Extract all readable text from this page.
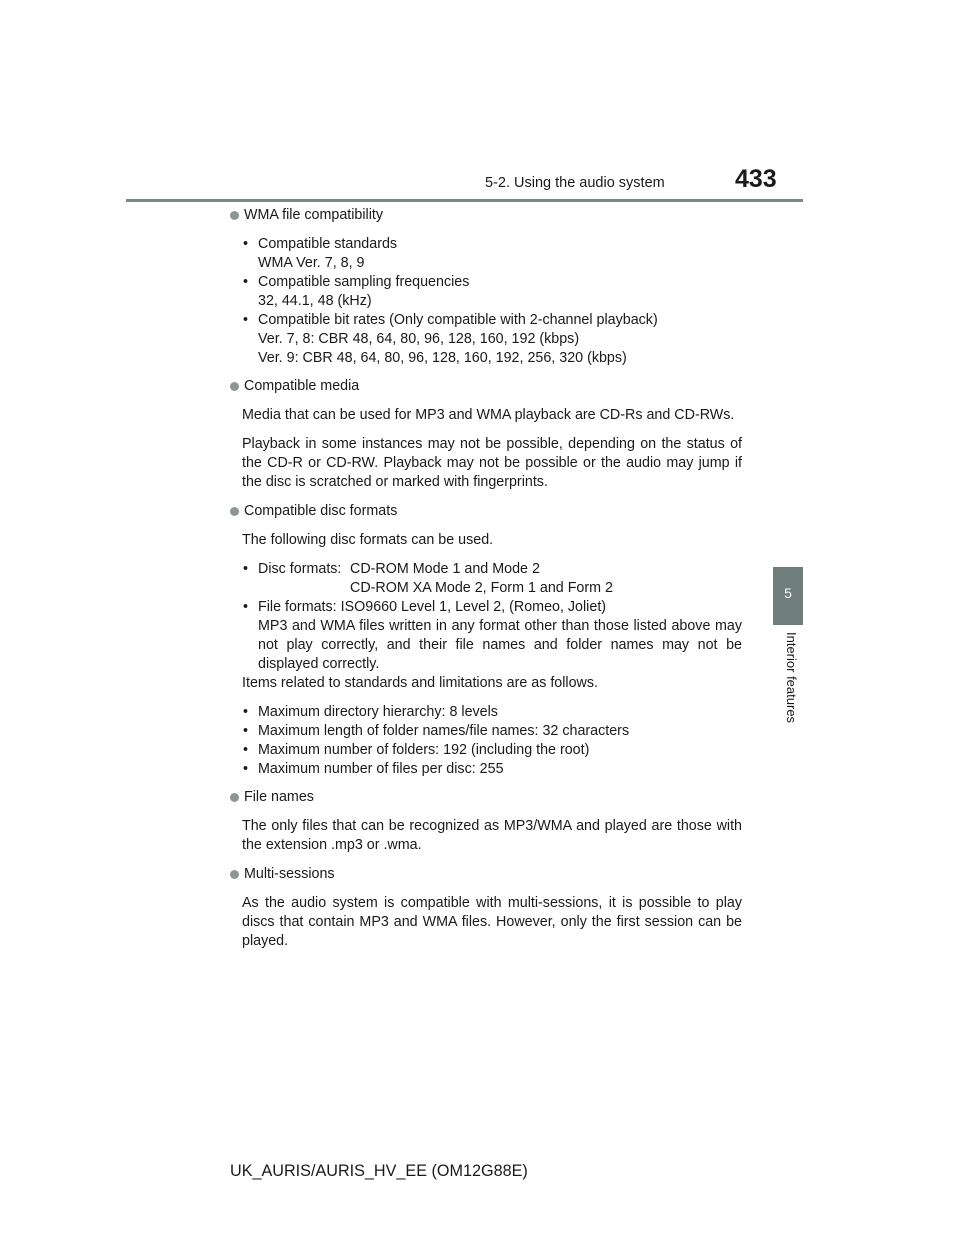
5-2. Using the audio system	433
5
Interior features
WMA file compatibility
• Compatible standards
WMA Ver. 7, 8, 9
• Compatible sampling frequencies
32, 44.1, 48 (kHz)
• Compatible bit rates (Only compatible with 2-channel playback)
Ver. 7, 8: CBR 48, 64, 80, 96, 128, 160, 192 (kbps)
Ver. 9: CBR 48, 64, 80, 96, 128, 160, 192, 256, 320 (kbps)
Compatible media

Media that can be used for MP3 and WMA playback are CD-Rs and CD-RWs.

Playback in some instances may not be possible, depending on the status of the CD-R or CD-RW. Playback may not be possible or the audio may jump if the disc is scratched or marked with fingerprints.

Compatible disc formats

The following disc formats can be used.

• Disc formats: CD-ROM Mode 1 and Mode 2
CD-ROM XA Mode 2, Form 1 and Form 2
• File formats: ISO9660 Level 1, Level 2, (Romeo, Joliet)
MP3 and WMA files written in any format other than those listed above may not play correctly, and their file names and folder names may not be displayed correctly.

Items related to standards and limitations are as follows.

• Maximum directory hierarchy: 8 levels
• Maximum length of folder names/file names: 32 characters
• Maximum number of folders: 192 (including the root)
• Maximum number of files per disc: 255
File names

The only files that can be recognized as MP3/WMA and played are those with the extension .mp3 or .wma.

Multi-sessions

As the audio system is compatible with multi-sessions, it is possible to play discs that contain MP3 and WMA files. However, only the first session can be played.

UK_AURIS/AURIS_HV_EE (OM12G88E)
